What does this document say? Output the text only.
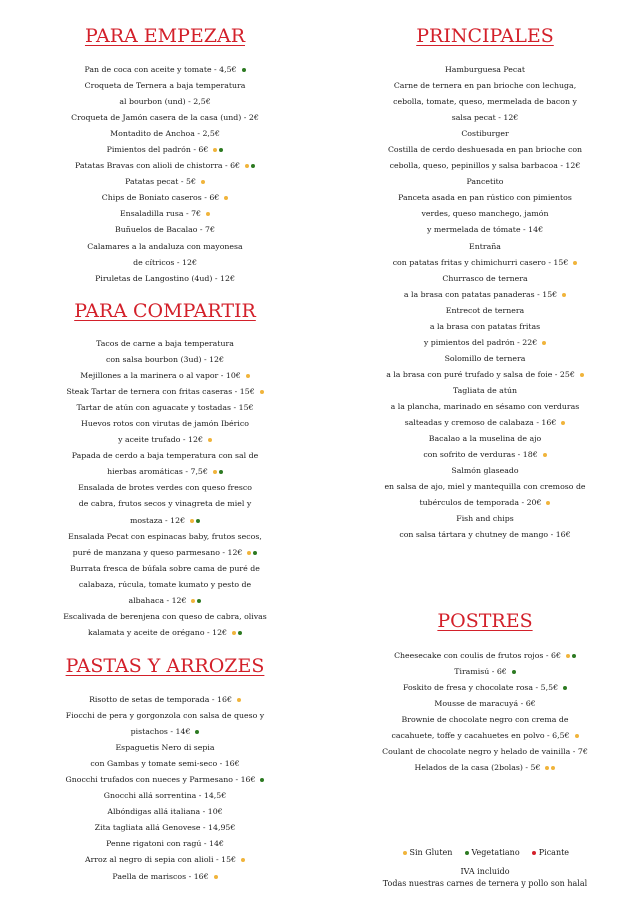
PARA EMPEZAR
Pan de coca con aceite y tomate - 4,5€
Croqueta de Ternera a baja temperatura
al bourbon (und) - 2,5€
Croqueta de Jamón casera de la casa (und) - 2€
Montadito de Anchoa - 2,5€
Pimientos del padrón - 6€
Patatas Bravas con alioli de chistorra - 6€
Patatas pecat - 5€
Chips de Boniato caseros - 6€
Ensaladilla rusa - 7€
Buñuelos de Bacalao - 7€
Calamares a la andaluza con mayonesa
de cítricos - 12€
Piruletas de Langostino (4ud) - 12€
PARA COMPARTIR
Tacos de carne a baja temperatura
con salsa bourbon (3ud) - 12€
Mejillones a la marinera o al vapor - 10€
Steak Tartar de ternera con fritas caseras - 15€
Tartar de atún con aguacate y tostadas - 15€
Huevos rotos con virutas de jamón Ibérico
y aceite trufado - 12€
Papada de cerdo a baja temperatura con sal de
hierbas aromáticas - 7,5€
Ensalada de brotes verdes con queso fresco
de cabra, frutos secos y vinagreta de miel y
mostaza - 12€
Ensalada Pecat con espinacas baby, frutos secos,
puré de manzana y queso parmesano - 12€
Burrata fresca de búfala sobre cama de puré de
calabaza, rúcula, tomate kumato y pesto de
albahaca - 12€
Escalivada de berenjena con queso de cabra, olivas
kalamata y aceite de orégano - 12€
PASTAS Y ARROZES
Risotto de setas de temporada - 16€
Fiocchi de pera y gorgonzola con salsa de queso y
pistachos - 14€
Espaguetis Nero di sepia
con Gambas y tomate semi-seco - 16€
Gnocchi trufados con nueces y Parmesano - 16€
Gnocchi allá sorrentina - 14,5€
Albóndigas allá italiana - 10€
Zita tagliata allá Genovese - 14,95€
Penne rigatoni con ragú - 14€
Arroz al negro di sepia con alioli - 15€
Paella de mariscos - 16€
PRINCIPALES
Hamburguesa Pecat
Carne de ternera en pan brioche con lechuga,
cebolla, tomate, queso, mermelada de bacon y
salsa pecat - 12€
Costiburger
Costilla de cerdo deshuesada en pan brioche con
cebolla, queso, pepinillos y salsa barbacoa - 12€
Pancetito
Panceta asada en pan rústico con pimientos
verdes, queso manchego, jamón
y mermelada de tómate - 14€
Entraña
con patatas fritas y chimichurri casero - 15€
Churrasco de ternera
a la brasa con patatas panaderas - 15€
Entrecot de ternera
a la brasa con patatas fritas
y pimientos del padrón - 22€
Solomillo de ternera
a la brasa con puré trufado y salsa de foie - 25€
Tagliata de atún
a la plancha, marinado en sésamo con verduras
salteadas y cremoso de calabaza - 16€
Bacalao a la muselina de ajo
con sofrito de verduras - 18€
Salmón glaseado
en salsa de ajo, miel y mantequilla con cremoso de
tubérculos de temporada - 20€
Fish and chips
con salsa tártara y chutney de mango - 16€
POSTRES
Cheesecake con coulis de frutos rojos - 6€
Tiramisú - 6€
Foskito de fresa y chocolate rosa - 5,5€
Mousse de maracuyá - 6€
Brownie de chocolate negro con crema de
cacahuete, toffe y cacahuetes en polvo - 6,5€
Coulant de chocolate negro y helado de vainilla - 7€
Helados de la casa (2bolas) - 5€
Sin Gluten Vegetatiano Picante
IVA incluido
Todas nuestras carnes de ternera y pollo son halal
